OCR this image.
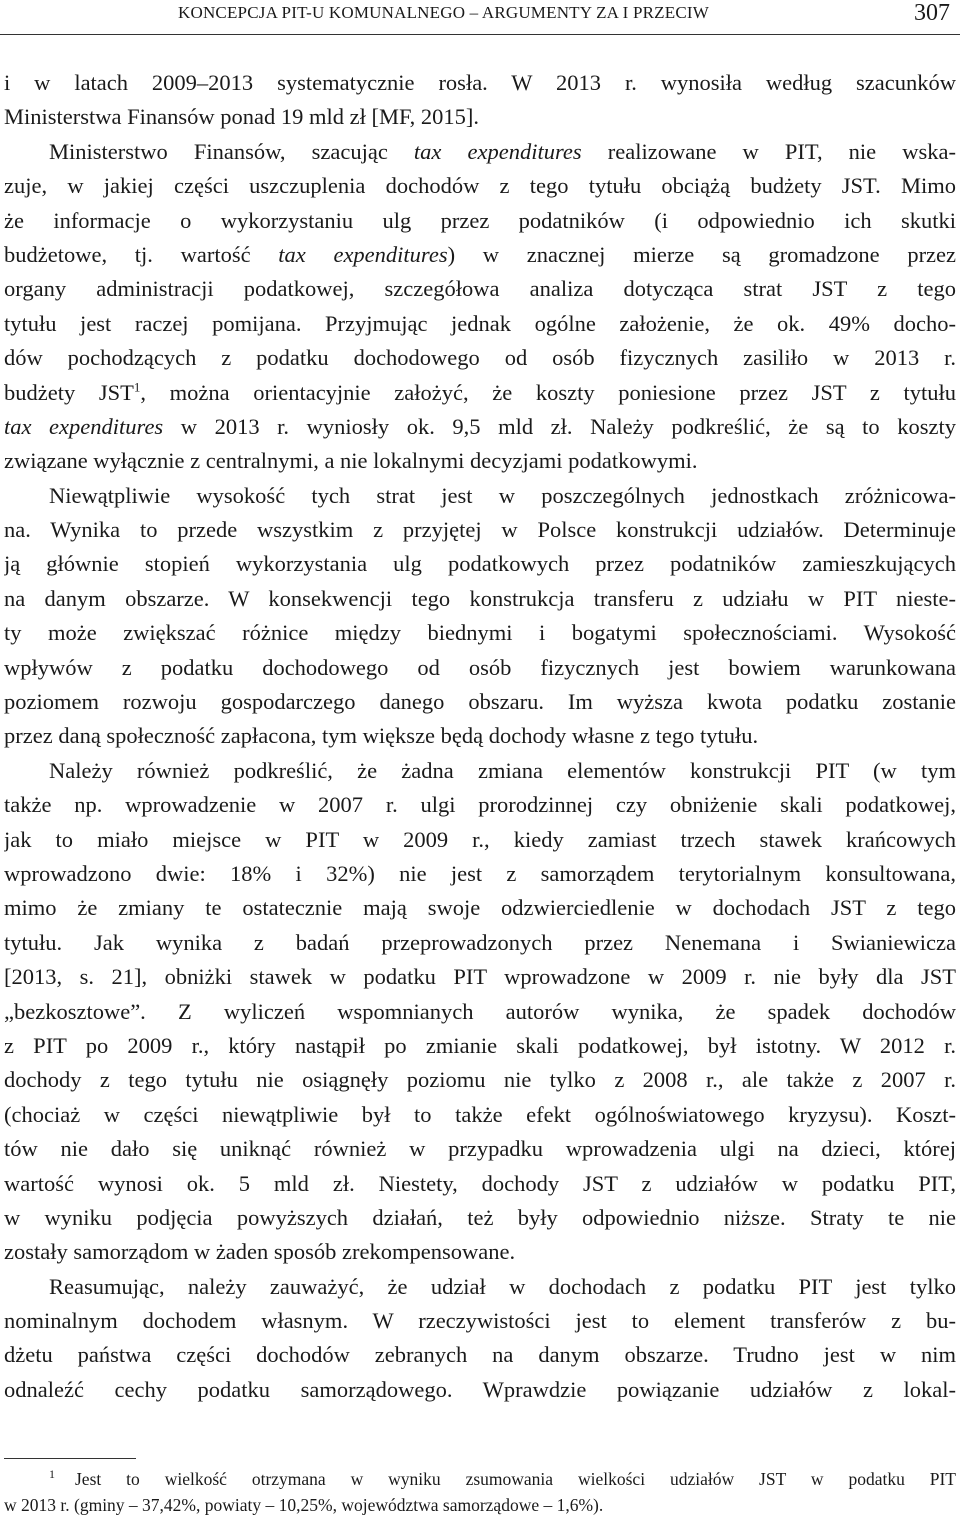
KONCEPCJA PIT-U KOMUNALNEGO – ARGUMENTY ZA I PRZECIW	307
i w latach 2009–2013 systematycznie rosła. W 2013 r. wynosiła według szacunków
Ministerstwa Finansów ponad 19 mld zł [MF, 2015].
Ministerstwo Finansów, szacując tax expenditures realizowane w PIT, nie wska-
zuje, w jakiej części uszczuplenia dochodów z tego tytułu obciążą budżety JST. Mimo
że informacje o wykorzystaniu ulg przez podatników (i odpowiednio ich skutki
budżetowe, tj. wartość tax expenditures) w znacznej mierze są gromadzone przez
organy administracji podatkowej, szczegółowa analiza dotycząca strat JST z tego
tytułu jest raczej pomijana. Przyjmując jednak ogólne założenie, że ok. 49% docho-
dów pochodzących z podatku dochodowego od osób fizycznych zasiliło w 2013 r.
budżety JST$^1$, można orientacyjnie założyć, że koszty poniesione przez JST z tytułu
tax expenditures w 2013 r. wyniosły ok. 9,5 mld zł. Należy podkreślić, że są to koszty
związane wyłącznie z centralnymi, a nie lokalnymi decyzjami podatkowymi.
Niewątpliwie wysokość tych strat jest w poszczególnych jednostkach zróżnicowa-
na. Wynika to przede wszystkim z przyjętej w Polsce konstrukcji udziałów. Determinuje
ją głównie stopień wykorzystania ulg podatkowych przez podatników zamieszkujących
na danym obszarze. W konsekwencji tego konstrukcja transferu z udziału w PIT nieste-
ty może zwiększać różnice między biednymi i bogatymi społecznościami. Wysokość
wpływów z podatku dochodowego od osób fizycznych jest bowiem warunkowana
poziomem rozwoju gospodarczego danego obszaru. Im wyższa kwota podatku zostanie
przez daną społeczność zapłacona, tym większe będą dochody własne z tego tytułu.
Należy również podkreślić, że żadna zmiana elementów konstrukcji PIT (w tym
także np. wprowadzenie w 2007 r. ulgi prorodzinnej czy obniżenie skali podatkowej,
jak to miało miejsce w PIT w 2009 r., kiedy zamiast trzech stawek krańcowych
wprowadzono dwie: 18% i 32%) nie jest z samorządem terytorialnym konsultowana,
mimo że zmiany te ostatecznie mają swoje odzwierciedlenie w dochodach JST z tego
tytułu. Jak wynika z badań przeprowadzonych przez Nenemana i Swianiewicza
[2013, s. 21], obniżki stawek w podatku PIT wprowadzone w 2009 r. nie były dla JST
„bezkosztowe”. Z wyliczeń wspomnianych autorów wynika, że spadek dochodów
z PIT po 2009 r., który nastąpił po zmianie skali podatkowej, był istotny. W 2012 r.
dochody z tego tytułu nie osiągnęły poziomu nie tylko z 2008 r., ale także z 2007 r.
(chociaż w części niewątpliwie był to także efekt ogólnoświatowego kryzysu). Koszt-
tów nie dało się uniknąć również w przypadku wprowadzenia ulgi na dzieci, której
wartość wynosi ok. 5 mld zł. Niestety, dochody JST z udziałów w podatku PIT,
w wyniku podjęcia powyższych działań, też były odpowiednio niższe. Straty te nie
zostały samorządom w żaden sposób zrekompensowane.
Reasumując, należy zauważyć, że udział w dochodach z podatku PIT jest tylko
nominalnym dochodem własnym. W rzeczywistości jest to element transferów z bu-
dżetu państwa części dochodów zebranych na danym obszarze. Trudno jest w nim
odnaleźć cechy podatku samorządowego. Wprawdzie powiązanie udziałów z lokal-
$^1$ Jest to wielkość otrzymana w wyniku zsumowania wielkości udziałów JST w podatku PIT
w 2013 r. (gminy – 37,42%, powiaty – 10,25%, województwa samorządowe – 1,6%).
